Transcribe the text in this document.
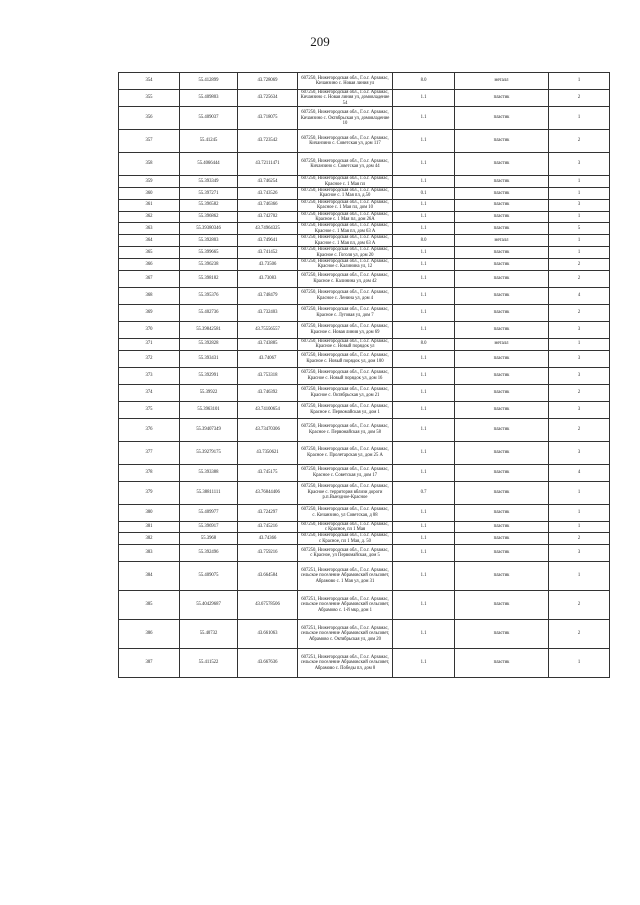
209
354	55.412899	43.728069	607250, Нижегородская обл., Г.о.г. Арзамас, Кичанзино с. Новая линия ул	8.0	металл	1
355	55.409803	43.725634	607250, Нижегородская обл., Г.о.г. Арзамас, Кичанзино с. Новая линия ул, домовладение 54	1.1	пластик	2
356	55.409037	43.718075	607250, Нижегородская обл., Г.о.г. Арзамас, Кичанзино с. Октябрьская ул, домовладение 10	1.1	пластик	1
357	55.41245	43.723542	607250, Нижегородская обл., Г.о.г. Арзамас, Кичанзино с. Советская ул, дом 117	1.1	пластик	2
358	55.4066444	43.72111471	607250, Нижегородская обл., Г.о.г. Арзамас, Кичанзино с. Советская ул, дом 44	1.1	пластик	3
359	55.393349	43.746254	607250, Нижегородская обл., Г.о.г. Арзамас, Красное с. 1 Мая пл	1.1	пластик	1
360	55.397271	43.743526	607250, Нижегородская обл., Г.о.г. Арзамас, Красное с. 1 Мая пл, д.50	0.1	пластик	1
361	55.396582	43.746366	607250, Нижегородская обл., Г.о.г. Арзамас, Красное с. 1 Мая пл, дом 10	1.1	пластик	3
362	55.396862	43.742702	607250, Нижегородская обл., Г.о.г. Арзамас, Красное с. 1 Мая пл, дом 26А	1.1	пластик	1
363	55.39380346	43.74964325	607250, Нижегородская обл., Г.о.г. Арзамас, Красное с. 1 Мая пл, дом 63 А	1.1	пластик	5
364	55.392803	43.749641	607250, Нижегородская обл., Г.о.г. Арзамас, Красное с. 1 Мая пл, дом 63 А	8.0	металл	1
365	55.399665	43.741452	607250, Нижегородская обл., Г.о.г. Арзамас, Красное с. Гоголя ул, дом 20	1.1	пластик	1
366	55.396238	43.73506	607250, Нижегородская обл., Г.о.г. Арзамас, Красное с. Калинина ул, 12	1.1	пластик	2
367	55.398182	43.73083	607250, Нижегородская обл., Г.о.г. Арзамас, Красное с. Калинина ул, дом 42	1.1	пластик	2
368	55.395376	43.748479	607250, Нижегородская обл., Г.о.г. Арзамас, Красное с. Ленина ул, дом 4	1.1	пластик	4
369	55.402736	43.732403	607250, Нижегородская обл., Г.о.г. Арзамас, Красное с. Луговая ул, дом 7	1.1	пластик	2
370	55.39842581	43.75556557	607250, Нижегородская обл., Г.о.г. Арзамас, Красное с. Новая линия ул, дом 69	1.1	пластик	3
371	55.392828	43.743885	607250, Нижегородская обл., Г.о.г. Арзамас, Красное с. Новый порядок ул	8.0	металл	1
372	55.393431	43.74067	607250, Нижегородская обл., Г.о.г. Арзамас, Красное с. Новый порядок ул, дом 100	1.1	пластик	3
373	55.392991	43.753318	607250, Нижегородская обл., Г.о.г. Арзамас, Красное с. Новый порядок ул, дом 16	1.1	пластик	3
374	55.39922	43.746392	607250, Нижегородская обл., Г.о.г. Арзамас, Красное с. Октябрьская ул, дом 21	1.1	пластик	2
375	55.3963101	43.74100654	607250, Нижегородская обл., Г.о.г. Арзамас, Красное с. Первомайская ул, дом 1	1.1	пластик	3
376	55.39407349	43.73470306	607250, Нижегородская обл., Г.о.г. Арзамас, Красное с. Первомайская ул, дом 58	1.1	пластик	2
377	55.39279175	43.7350621	607250, Нижегородская обл., Г.о.г. Арзамас, Красное с. Пролетарская ул, дом 25 А	1.1	пластик	3
378	55.393388	43.745175	607250, Нижегородская обл., Г.о.г. Арзамас, Красное с. Советская ул, дом 17	1.1	пластик	4
379	55.38811111	43.76844406	607250, Нижегородская обл., Г.о.г. Арзамас, Красное с. территория вблизи дороги р.п.Выездное-Красное	0.7	пластик	1
380	55.409977	43.724297	607250, Нижегородская обл., Г.о.г. Арзамас, с. Кичанзино, ул Советская, д 88	1.1	пластик	1
381	55.396917	43.745216	607250, Нижегородская обл., Г.о.г. Арзамас, с Красное, пл 1 Мая	1.1	пластик	1
382	55.3968	43.74366	607250, Нижегородская обл., Г.о.г. Арзамас, с Красное, пл 1 Мая, д. 50	1.1	пластик	2
383	55.392496	43.759216	607250, Нижегородская обл., Г.о.г. Арзамас, с Красное, ул Первомайская, дом 5	1.1	пластик	3
384	55.409075	43.664584	607251, Нижегородская обл., Г.о.г. Арзамас, сельское поселение Абрамовский сельсовет, Абрамово с. 1 Мая ул, дом 31	1.1	пластик	1
385	55.40429687	43.67578506	607251, Нижегородская обл., Г.о.г. Арзамас, сельское поселение Абрамовский сельсовет, Абрамово с. 1-й мкр, дом 1	1.1	пластик	2
386	55.40732	43.661063	607251, Нижегородская обл., Г.о.г. Арзамас, сельское поселение Абрамовский сельсовет, Абрамово с. Октябрьская ул, дом 20	1.1	пластик	2
387	55.411522	43.667636	607251, Нижегородская обл., Г.о.г. Арзамас, сельское поселение Абрамовский сельсовет, Абрамово с. Победы пл, дом 8	1.1	пластик	1
